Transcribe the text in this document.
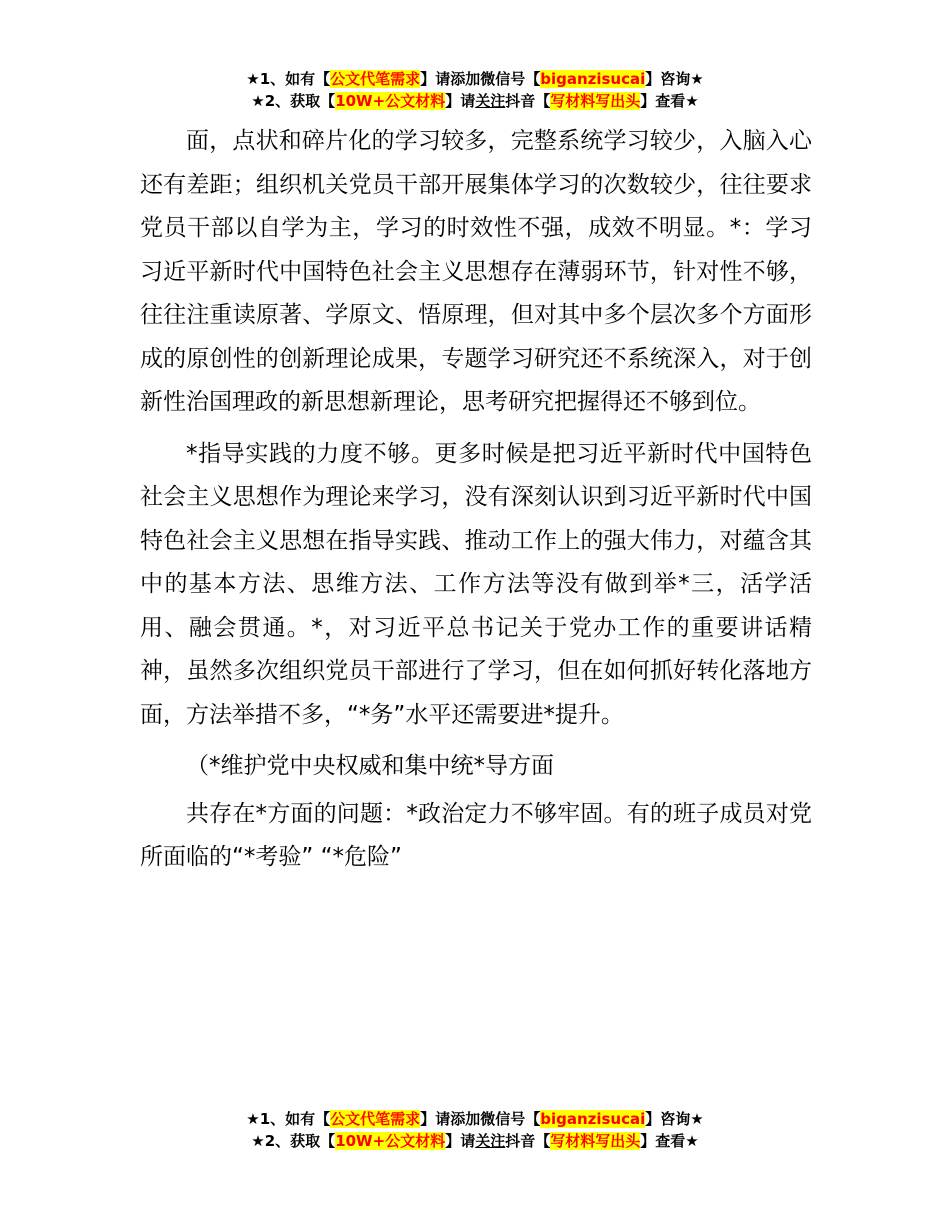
★1、如有【公文代笔需求】请添加微信号【biganzisucai】咨询★
★2、获取【10W+公文材料】请关注抖音【写材料写出头】查看★

面，点状和碎片化的学习较多，完整系统学习较少，入脑入心还有差距；组织机关党员干部开展集体学习的次数较少，往往要求党员干部以自学为主，学习的时效性不强，成效不明显。*：学习习近平新时代中国特色社会主义思想存在薄弱环节，针对性不够，往往注重读原著、学原文、悟原理，但对其中多个层次多个方面形成的原创性的创新理论成果，专题学习研究还不系统深入，对于创新性治国理政的新思想新理论，思考研究把握得还不够到位。

*指导实践的力度不够。更多时候是把习近平新时代中国特色社会主义思想作为理论来学习，没有深刻认识到习近平新时代中国特色社会主义思想在指导实践、推动工作上的强大伟力，对蕴含其中的基本方法、思维方法、工作方法等没有做到举*三，活学活用、融会贯通。*，对习近平总书记关于党办工作的重要讲话精神，虽然多次组织党员干部进行了学习，但在如何抓好转化落地方面，方法举措不多，“*务”水平还需要进*提升。

（*维护党中央权威和集中统*导方面

共存在*方面的问题：*政治定力不够牢固。有的班子成员对党所面临的“*考验” “*危险”

★1、如有【公文代笔需求】请添加微信号【biganzisucai】咨询★
★2、获取【10W+公文材料】请关注抖音【写材料写出头】查看★
